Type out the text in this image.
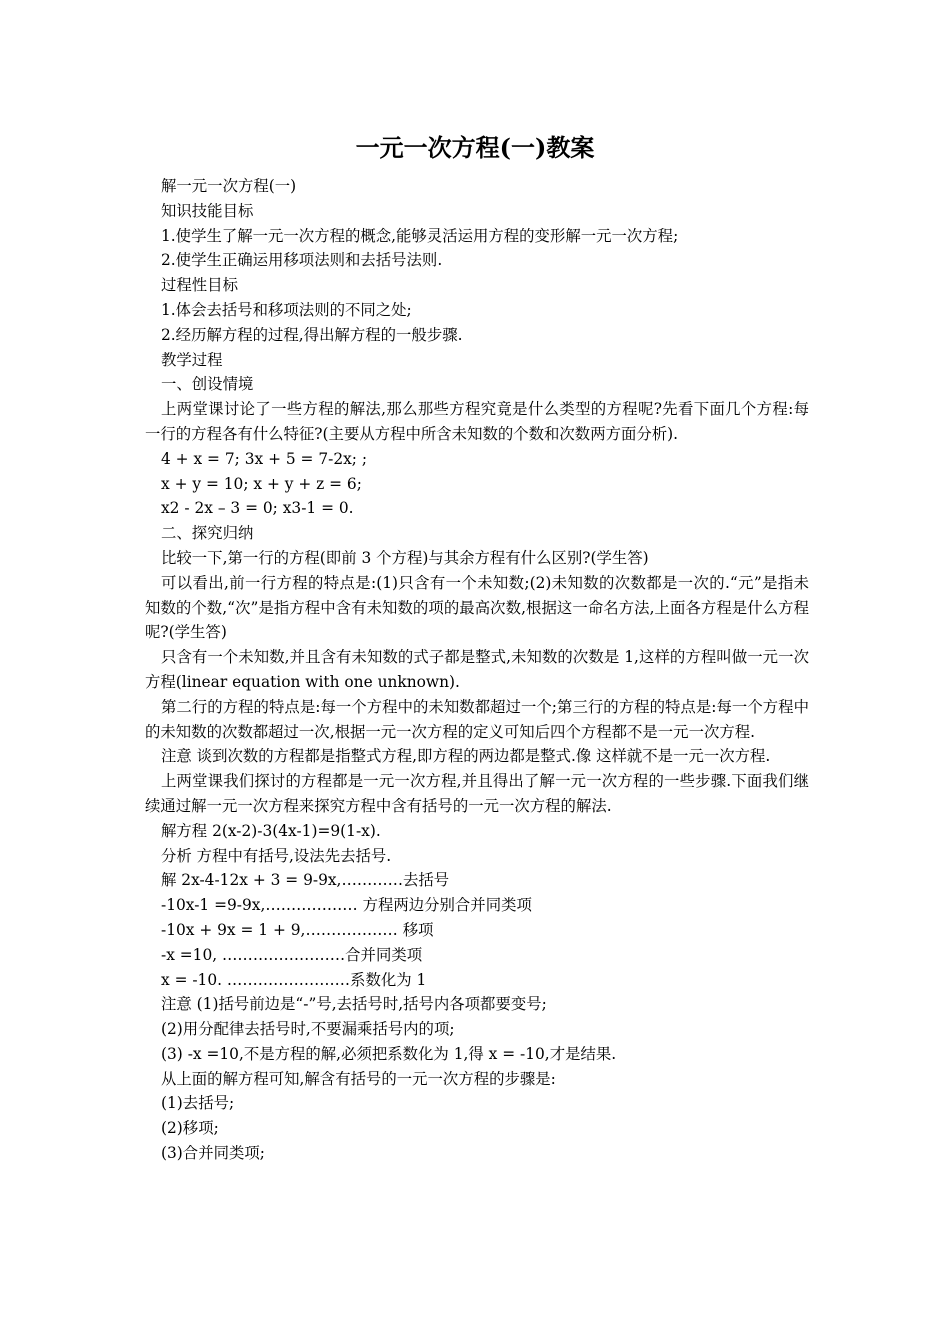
一元一次方程(一)教案

解一元一次方程(一)

知识技能目标

1.使学生了解一元一次方程的概念,能够灵活运用方程的变形解一元一次方程;

2.使学生正确运用移项法则和去括号法则.

过程性目标

1.体会去括号和移项法则的不同之处;

2.经历解方程的过程,得出解方程的一般步骤.

教学过程

一、创设情境

上两堂课讨论了一些方程的解法,那么那些方程究竟是什么类型的方程呢?先看下面几个方程:每一行的方程各有什么特征?(主要从方程中所含未知数的个数和次数两方面分析).

4 + x = 7; 3x + 5 = 7-2x; ;

x + y = 10; x + y + z = 6;

x2 - 2x – 3 = 0; x3-1 = 0.

二、探究归纳

比较一下,第一行的方程(即前 3 个方程)与其余方程有什么区别?(学生答)

可以看出,前一行方程的特点是:(1)只含有一个未知数;(2)未知数的次数都是一次的.“元”是指未知数的个数,“次”是指方程中含有未知数的项的最高次数,根据这一命名方法,上面各方程是什么方程呢?(学生答)

只含有一个未知数,并且含有未知数的式子都是整式,未知数的次数是 1,这样的方程叫做一元一次方程(linear equation with one unknown).

第二行的方程的特点是:每一个方程中的未知数都超过一个;第三行的方程的特点是:每一个方程中的未知数的次数都超过一次,根据一元一次方程的定义可知后四个方程都不是一元一次方程.

注意 谈到次数的方程都是指整式方程,即方程的两边都是整式.像 这样就不是一元一次方程.

上两堂课我们探讨的方程都是一元一次方程,并且得出了解一元一次方程的一些步骤.下面我们继续通过解一元一次方程来探究方程中含有括号的一元一次方程的解法.

解方程 2(x-2)-3(4x-1)=9(1-x).

分析 方程中有括号,设法先去括号.

解 2x-4-12x + 3 = 9-9x,…………去括号

-10x-1 =9-9x,……………… 方程两边分别合并同类项

-10x + 9x = 1 + 9,……………… 移项

-x =10, ……………………合并同类项

x = -10. ……………………系数化为 1

注意 (1)括号前边是“-”号,去括号时,括号内各项都要变号;

(2)用分配律去括号时,不要漏乘括号内的项;

(3) -x =10,不是方程的解,必须把系数化为 1,得 x = -10,才是结果.

从上面的解方程可知,解含有括号的一元一次方程的步骤是:

(1)去括号;

(2)移项;

(3)合并同类项;
